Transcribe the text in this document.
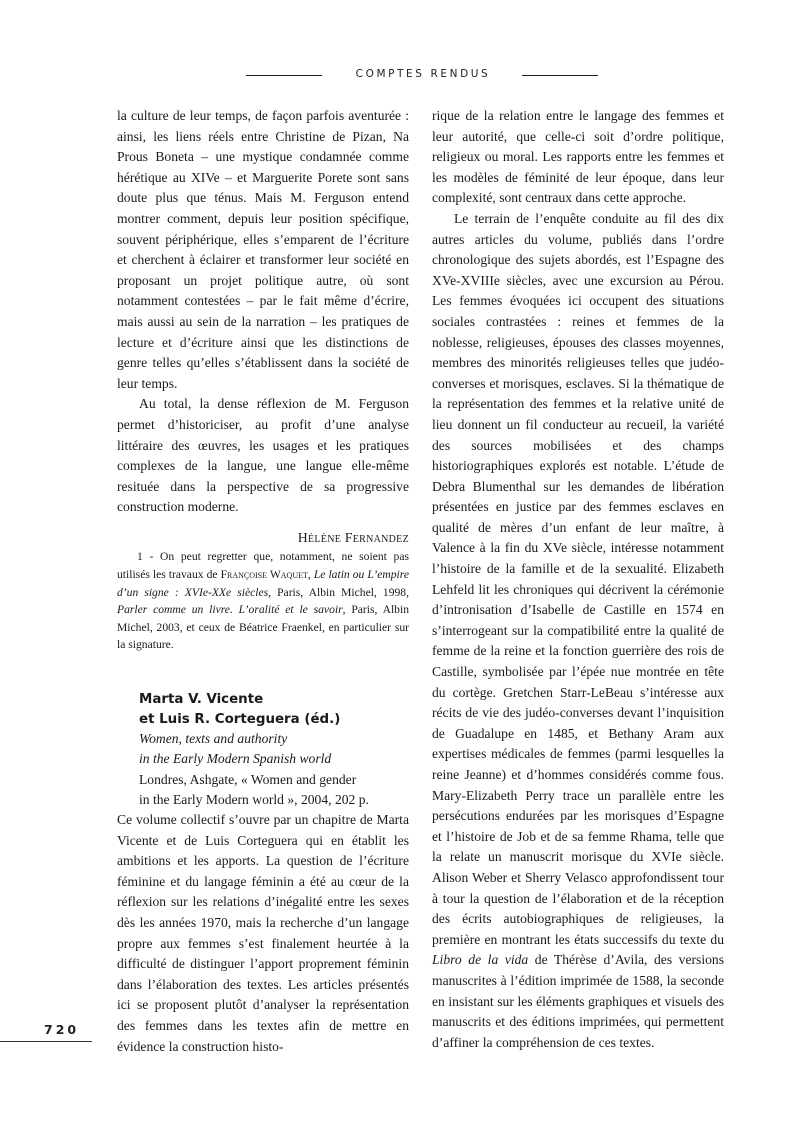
COMPTES RENDUS

la culture de leur temps, de façon parfois aventurée : ainsi, les liens réels entre Christine de Pizan, Na Prous Boneta – une mystique condamnée comme hérétique au XIVe – et Marguerite Porete sont sans doute plus que ténus. Mais M. Ferguson entend montrer comment, depuis leur position spécifique, souvent périphérique, elles s’emparent de l’écriture et cherchent à éclairer et transformer leur société en proposant un projet politique autre, où sont notamment contestées – par le fait même d’écrire, mais aussi au sein de la narration – les pratiques de lecture et d’écriture ainsi que les distinctions de genre telles qu’elles s’établissent dans la société de leur temps.

Au total, la dense réflexion de M. Ferguson permet d’historiciser, au profit d’une analyse littéraire des œuvres, les usages et les pratiques complexes de la langue, une langue elle-même resituée dans la perspective de sa progressive construction moderne.

Hélène Fernandez

1 - On peut regretter que, notamment, ne soient pas utilisés les travaux de Françoise Waquet, Le latin ou L’empire d’un signe : XVIe-XXe siècles, Paris, Albin Michel, 1998, Parler comme un livre. L’oralité et le savoir, Paris, Albin Michel, 2003, et ceux de Béatrice Fraenkel, en particulier sur la signature.

Marta V. Vicente
et Luis R. Corteguera (éd.)
Women, texts and authority
in the Early Modern Spanish world
Londres, Ashgate, « Women and gender
in the Early Modern world », 2004, 202 p.

Ce volume collectif s’ouvre par un chapitre de Marta Vicente et de Luis Corteguera qui en établit les ambitions et les apports. La question de l’écriture féminine et du langage féminin a été au cœur de la réflexion sur les relations d’inégalité entre les sexes dès les années 1970, mais la recherche d’un langage propre aux femmes s’est finalement heurtée à la difficulté de distinguer l’apport proprement féminin dans l’élaboration des textes. Les articles présentés ici se proposent plutôt d’analyser la représentation des femmes dans les textes afin de mettre en évidence la construction histo-

rique de la relation entre le langage des femmes et leur autorité, que celle-ci soit d’ordre politique, religieux ou moral. Les rapports entre les femmes et les modèles de féminité de leur époque, dans leur complexité, sont centraux dans cette approche.

Le terrain de l’enquête conduite au fil des dix autres articles du volume, publiés dans l’ordre chronologique des sujets abordés, est l’Espagne des XVe-XVIIIe siècles, avec une excursion au Pérou. Les femmes évoquées ici occupent des situations sociales contrastées : reines et femmes de la noblesse, religieuses, épouses des classes moyennes, membres des minorités religieuses telles que judéo-converses et morisques, esclaves. Si la thématique de la représentation des femmes et la relative unité de lieu donnent un fil conducteur au recueil, la variété des sources mobilisées et des champs historiographiques explorés est notable. L’étude de Debra Blumenthal sur les demandes de libération présentées en justice par des femmes esclaves en qualité de mères d’un enfant de leur maître, à Valence à la fin du XVe siècle, intéresse notamment l’histoire de la famille et de la sexualité. Elizabeth Lehfeld lit les chroniques qui décrivent la cérémonie d’intronisation d’Isabelle de Castille en 1574 en s’interrogeant sur la compatibilité entre la qualité de femme de la reine et la fonction guerrière des rois de Castille, symbolisée par l’épée nue montrée en tête du cortège. Gretchen Starr-LeBeau s’intéresse aux récits de vie des judéo-converses devant l’inquisition de Guadalupe en 1485, et Bethany Aram aux expertises médicales de femmes (parmi lesquelles la reine Jeanne) et d’hommes considérés comme fous. Mary-Elizabeth Perry trace un parallèle entre les persécutions endurées par les morisques d’Espagne et l’histoire de Job et de sa femme Rhama, telle que la relate un manuscrit morisque du XVIe siècle. Alison Weber et Sherry Velasco approfondissent tour à tour la question de l’élaboration et de la réception des écrits autobiographiques de religieuses, la première en montrant les états successifs du texte du Libro de la vida de Thérèse d’Avila, des versions manuscrites à l’édition imprimée de 1588, la seconde en insistant sur les éléments graphiques et visuels des manuscrits et des éditions imprimées, qui permettent d’affiner la compréhension de ces textes.

720
